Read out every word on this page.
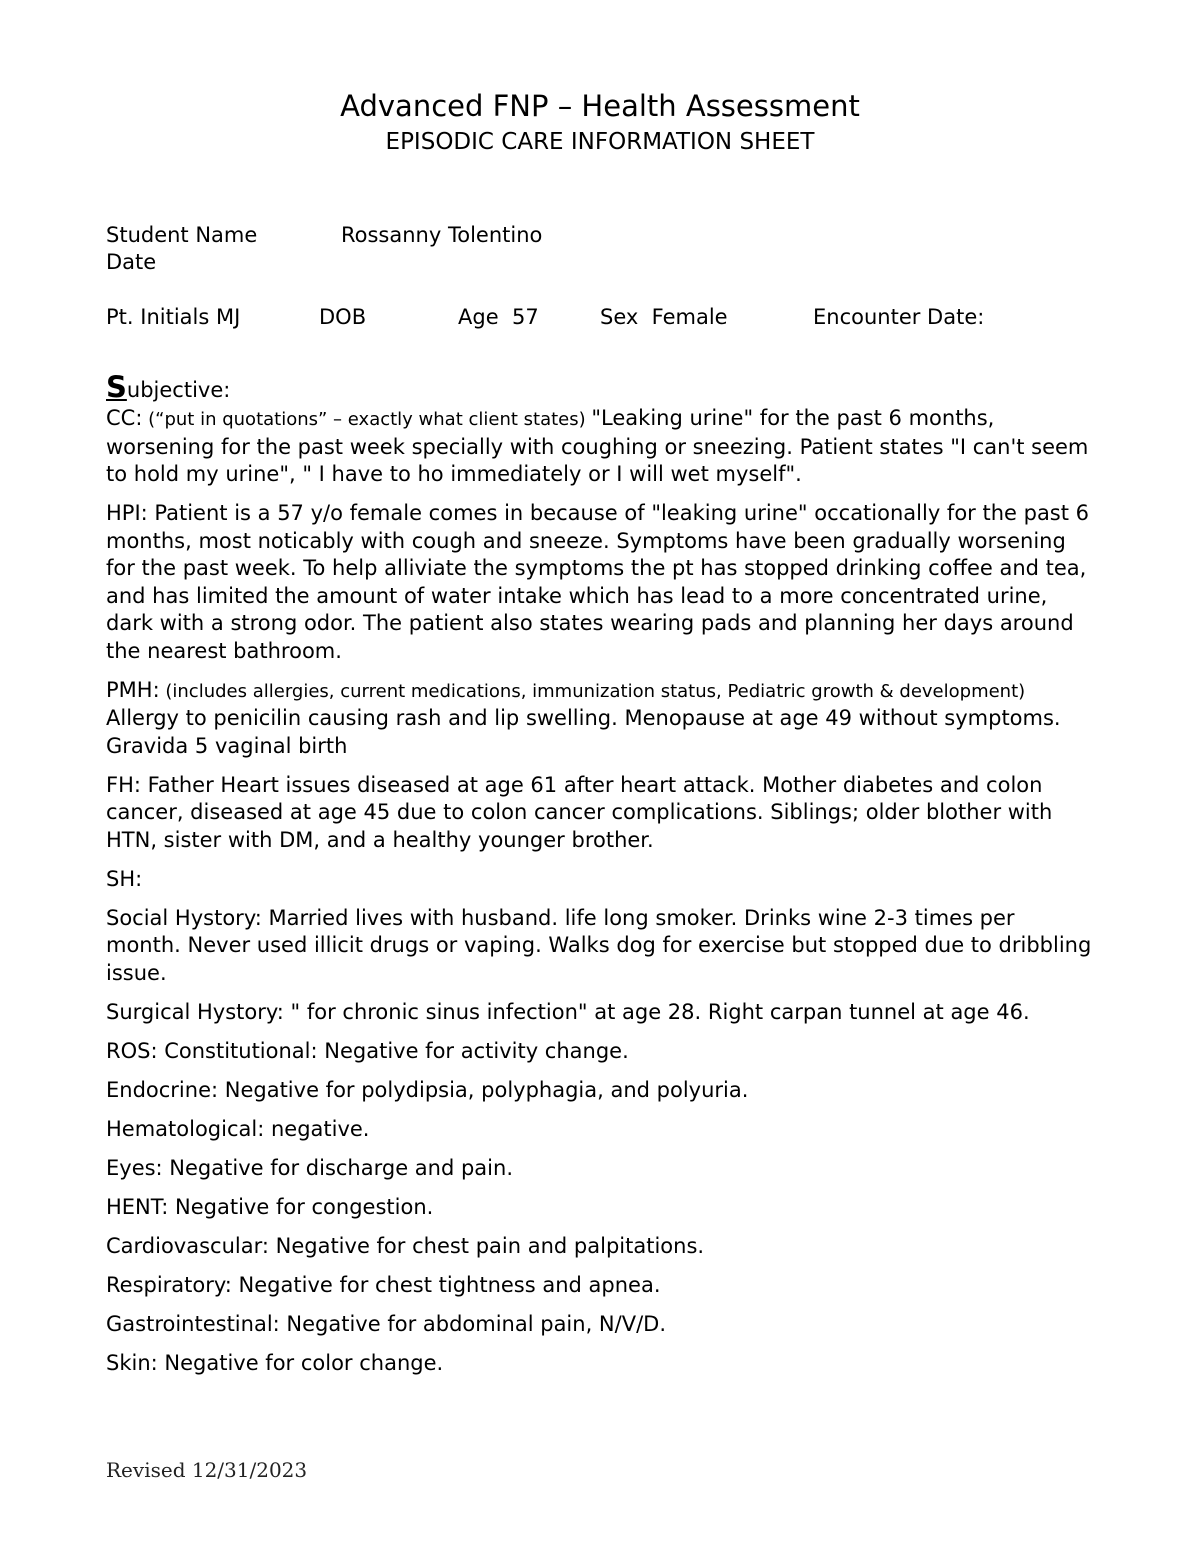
Advanced FNP – Health Assessment
EPISODIC CARE INFORMATION SHEET
Student Name	Rossanny Tolentino
Date
Pt. Initials MJ	DOB	Age  57	Sex  Female	Encounter Date:

Subjective:

CC: (“put in quotations” – exactly what client states) "Leaking urine" for the past 6 months, worsening for the past week specially with coughing or sneezing. Patient states "I can't seem to hold my urine", " I have to ho immediately or I will wet myself".

HPI: Patient is a 57 y/o female comes in because of "leaking urine" occationally for the past 6 months, most noticably with cough and sneeze. Symptoms have been gradually worsening for the past week. To help alliviate the symptoms the pt has stopped drinking coffee and tea, and has limited the amount of water intake which has lead to a more concentrated urine, dark with a strong odor. The patient also states wearing pads and planning her days around the nearest bathroom.

PMH: (includes allergies, current medications, immunization status, Pediatric growth & development) Allergy to penicilin causing rash and lip swelling. Menopause at age 49 without symptoms. Gravida 5 vaginal birth

FH: Father Heart issues diseased at age 61 after heart attack. Mother diabetes and colon cancer, diseased at age 45 due to colon cancer complications. Siblings; older blother with HTN, sister with DM, and a healthy younger brother.

SH:

Social Hystory: Married lives with husband. life long smoker. Drinks wine 2-3 times per month. Never used illicit drugs or vaping. Walks dog for exercise but stopped due to dribbling issue.

Surgical Hystory: " for chronic sinus infection" at age 28. Right carpan tunnel at age 46.

ROS: Constitutional: Negative for activity change.

Endocrine: Negative for polydipsia, polyphagia, and polyuria.

Hematological: negative.

Eyes: Negative for discharge and pain.

HENT: Negative for congestion.

Cardiovascular: Negative for chest pain and palpitations.

Respiratory: Negative for chest tightness and apnea.

Gastrointestinal: Negative for abdominal pain, N/V/D.

Skin: Negative for color change.

Revised 12/31/2023
